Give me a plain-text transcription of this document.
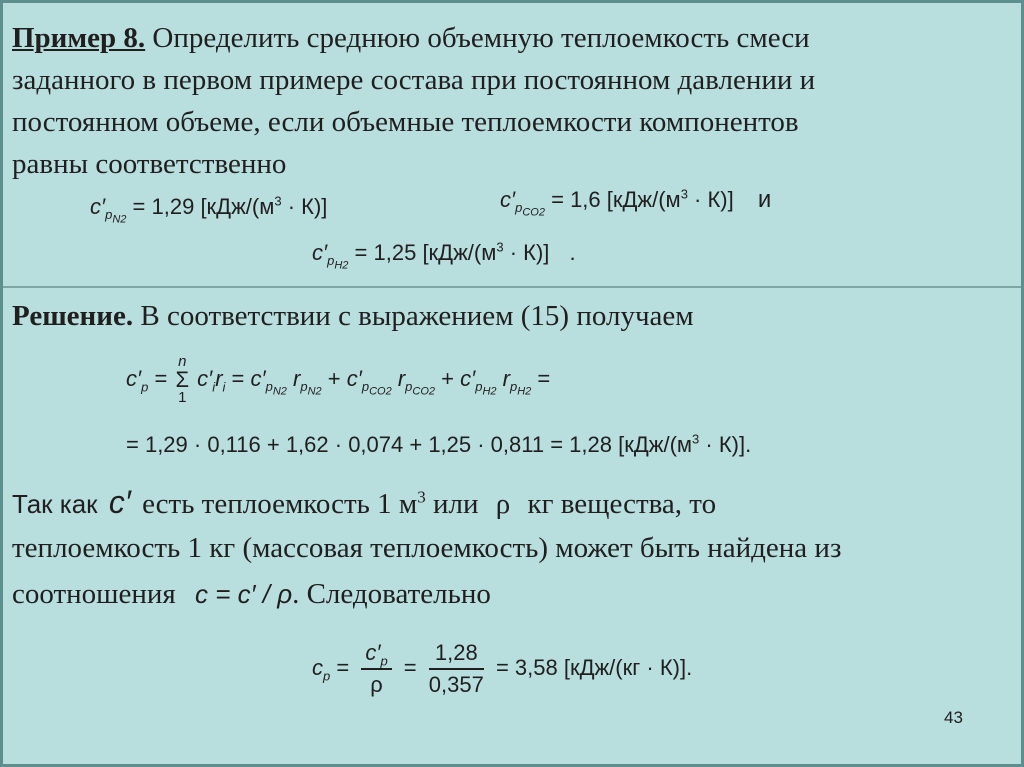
Пример 8. Определить среднюю объемную теплоемкость смеси
заданного в первом примере состава при постоянном давлении и
постоянном объеме, если объемные теплоемкости компонентов
равны соответственно
$c'_{p_{N2}} = 1,29$ $[кДж/(м^3 \cdot К)]$	$c'_{p_{CO2}} = 1,6$ $[кДж/(м^3 \cdot К)]$ и
$c'_{p_{H2}} = 1,25$ $[кДж/(м^3 \cdot К)]$ .
Решение. В соответствии с выражением (15) получаем
$c'_p$ =
n
Σ
1
$c'_ir_i = c'_{p_{N2}}$ $r_{p_{N2}} + c'_{p_{CO2}}$ $r_{p_{CO2}} + c'_{p_{H2}}$ $r_{p_{H2}}$ =
= 1,29 · 0,116 + 1,62 · 0,074 + 1,25 · 0,811 = 1,28 $[кДж/(м^3 \cdot К)]$.
Так как c′ есть теплоемкость 1 $м^3$ или ρ кг вещества, то
теплоемкость 1 кг (массовая теплоемкость) может быть найдена из
соотношения c = c′ / ρ. Следовательно
$c_p = \frac{c'_p}{\rho} = \frac{1,28}{0,357} = 3,58$ [кДж/(кг · К)].
43
